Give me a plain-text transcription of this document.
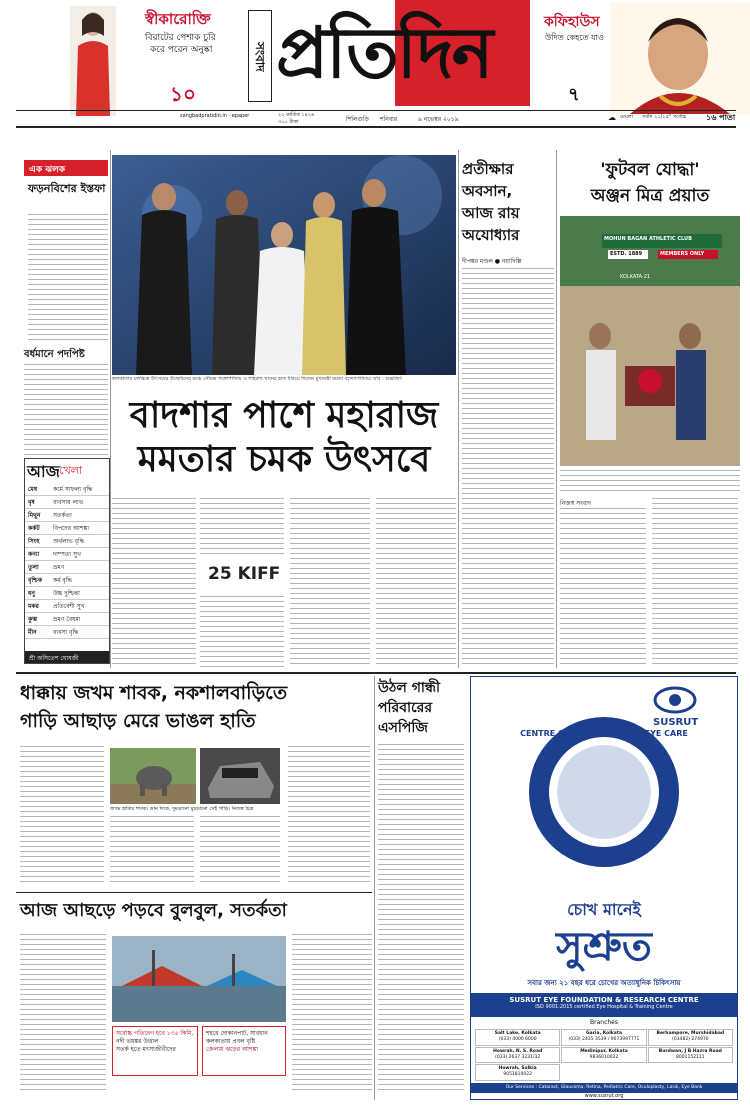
স্বীকারোক্তি
বিরাটের পেশাক চুরি
করে পরেন অনুষ্কা
১০
সংবাদ প্রতিদিন	কফিহাউস
উদিত কেহতে যাও
৭
sangbadpratidin.in · epaper	২২ কার্তিক ১৪২৬
৩০০ টাকা	শিলিগুড়ি শনিবার	৯ নভেম্বর ২০১৯	☁ মেঘলা সর্বনি ২১/২৫° সর্বোচ্চ ১৬ পাতা
এক ঝলক
ফড়নবিশের ইস্তফা
বর্ধমানে পদপিষ্ট
আজ খেলা
মেষ	কর্মে সাফল্য বৃদ্ধি
বৃষ	ব্যবসায় লাভ
মিথুন	সতর্কতা
কর্কট	বিপদের আশঙ্কা
সিংহ	অর্থলাভ বৃদ্ধি
কন্যা	দাম্পত্য সুখ
তুলা	ভ্রমণ
বৃশ্চিক	কর্ম বৃদ্ধি
ধনু	উচ্চ দুশ্চিন্তা
মকর	প্রতিবেশী সুখ
কুম্ভ	ভ্রমণ বৈষম্য
মীন	ব্যবসা বৃদ্ধি
শ্রী অসিতেশ ঘোষজী
কলকাতায় চলচ্চিত্র উৎসবের উদ্বোধনের মঞ্চে সৌরভ গঙ্গোপাধ্যায় ও শাহরুখ খানের হাত ধরিয়ে দিলেন মুখ্যমন্ত্রী মমতা বন্দ্যোপাধ্যায়। ছবি : শুভজিৎ
বাদশার পাশে মহারাজ
মমতার চমক উৎসবে
25 KIFF
প্রতীক্ষার
অবসান,
আজ রায়
অযোধ্যার
দীপঙ্কর মণ্ডল ● নয়াদিল্লি
'ফুটবল যোদ্ধা'
অঞ্জন মিত্র প্রয়াত
MOHUN BAGAN ATHLETIC CLUB
ESTD. 1889	MEMBERS ONLY
KOLKATA-21
নিজস্ব সংবাদ
ধাক্কায় জখম শাবক, নকশালবাড়িতে
গাড়ি আছাড় মেরে ভাঙল হাতি
জখম হাতির শাবক। ডান দিকে, দুমড়ানো মুচড়ানো সেই গাড়ি। নিজস্ব চিত্র
উঠল গান্ধী
পরিবারের
এসপিজি
আজ আছড়ে পড়বে বুলবুল, সতর্কতা
সর্বোচ্চ গতিবেগ হবে ১৩৫ কিমি,
নদী ভয়ঙ্কর উত্তাল
সতর্ক হতে মৎস্যজীবীদের
শহরে দোকানপাট, সাবধান
কলকাতায় প্রবল বৃষ্টি
জেলায় ঝড়ের আশঙ্কা
SUSRUT
CENTRE OF EXCELLENCE IN EYE CARE
চোখ মানেই
সুশ্রুত
সবার জন্য ২১ বছর ধরে চোখের অত্যাধুনিক চিকিৎসায়
SUSRUT EYE FOUNDATION & RESEARCH CENTRE
ISO 9001:2015 certified Eye Hospital & Training Centre
Branches
Salt Lake, Kolkata
(033) 4000 6000
Garia, Kolkata
(033) 2435 3539 / 9073997771
Berhampore, Murshidabad
(03482) 274970
Howrah, N. S. Road
(033) 2637 3231/32
Medinipur, Kolkata
9836010022
Burdwan, J B Hazra Road
8001152111
Howrah, Salkia
9051810022
Our Services : Cataract, Glaucoma, Retina, Pediatric Care, Oculoplasty, Lasik, Eye Bank
www.susrut.org
